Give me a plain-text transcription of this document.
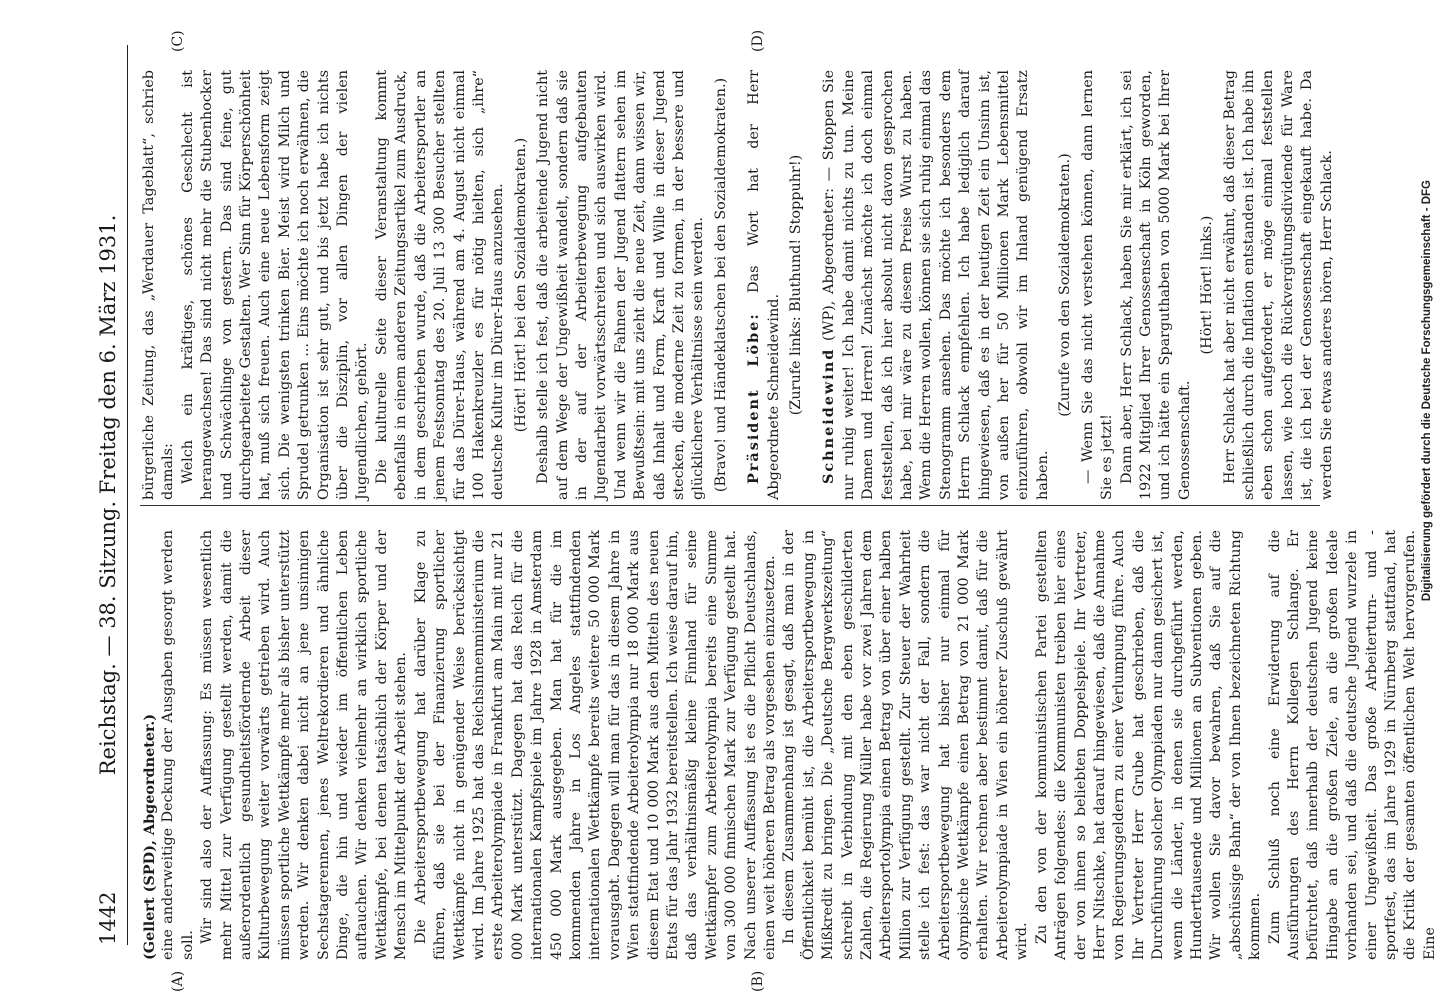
1442
Reichstag. — 38. Sitzung. Freitag den 6. März 1931.
(A)	(B)
(C)	(D)

(Gellert (SPD), Abgeordneter.) eine anderweitige Deckung der Ausgaben gesorgt werden soll.

Wir sind also der Auffassung: Es müssen wesentlich mehr Mittel zur Verfügung gestellt werden, damit die außerordentlich gesundheitsfördernde Arbeit dieser Kulturbewegung weiter vorwärts getrieben wird. Auch müssen sportliche Wettkämpfe mehr als bisher unterstützt werden. Wir denken dabei nicht an jene unsinnigen Sechstagerennen, jenes Weltrekordieren und ähnliche Dinge, die hin und wieder im öffentlichen Leben auftauchen. Wir denken vielmehr an wirklich sportliche Wettkämpfe, bei denen tatsächlich der Körper und der Mensch im Mittelpunkt der Arbeit stehen. Die Arbeitersportbewegung hat darüber Klage zu führen, daß sie bei der Finanzierung sportlicher Wettkämpfe nicht in genügender Weise berücksichtigt wird. Im Jahre 1925 hat das Reichsinnenministerium die erste Arbeiterolympiade in Frankfurt am Main mit nur 21 000 Mark unterstützt. Dagegen hat das Reich für die internationalen Kampfspiele im Jahre 1928 in Amsterdam 450 000 Mark ausgegeben. Man hat für die im kommenden Jahre in Los Angeles stattfindenden internationalen Wettkämpfe bereits weitere 50 000 Mark vorausgabt. Dagegen will man für das in diesem Jahre in Wien stattfindende Arbeiterolympia nur 18 000 Mark aus diesem Etat und 10 000 Mark aus den Mitteln des neuen Etats für das Jahr 1932 bereitstellen. Ich weise darauf hin, daß das verhältnismäßig kleine Finnland für seine Wettkämpfer zum Arbeiterolympia bereits eine Summe von 300 000 finnischen Mark zur Verfügung gestellt hat. Nach unserer Auffassung ist es die Pflicht Deutschlands, einen weit höheren Betrag als vorgesehen einzusetzen. In diesem Zusammenhang ist gesagt, daß man in der Öffentlichkeit bemüht ist, die Arbeitersportbewegung in Mißkredit zu bringen. Die „Deutsche Bergwerkszeitung“ schreibt in Verbindung mit den eben geschilderten Zahlen, die Regierung Müller habe vor zwei Jahren dem Arbeitersportolympia einen Betrag von über einer halben Million zur Verfügung gestellt. Zur Steuer der Wahrheit stelle ich fest: das war nicht der Fall, sondern die Arbeitersportbewegung hat bisher nur einmal für olympische Wettkämpfe einen Betrag von 21 000 Mark erhalten. Wir rechnen aber bestimmt damit, daß für die Arbeiterolympiade in Wien ein höherer Zuschuß gewährt wird. Zu den von der kommunistischen Partei gestellten Anträgen folgendes: die Kommunisten treiben hier eines der von ihnen so beliebten Doppelspiele. Ihr Vertreter, Herr Nitschke, hat darauf hingewiesen, daß die Annahme von Regierungsgeldern zu einer Verlumpung führe. Auch Ihr Vertreter Herr Grube hat geschrieben, daß die Durchführung solcher Olympiaden nur dann gesichert ist, wenn die Länder, in denen sie durchgeführt werden, Hunderttausende und Millionen an Subventionen geben. Wir wollen Sie davor bewahren, daß Sie auf die „abschüssige Bahn“ der von Ihnen bezeichneten Richtung kommen. Zum Schluß noch eine Erwiderung auf die Ausführungen des Herrn Kollegen Schlange. Er befürchtet, daß innerhalb der deutschen Jugend keine Hingabe an die großen Ziele, an die großen Ideale vorhanden sei, und daß die deutsche Jugend wurzele in einer Ungewißheit. Das große Arbeiterturn- und -sportfest, das im Jahre 1929 in Nürnberg stattfand, hat die Kritik der gesamten öffentlichen Welt hervorgerufen. Eine

bürgerliche Zeitung, das „Werdauer Tageblatt“, schrieb damals: Welch ein kräftiges, schönes Geschlecht ist herangewachsen! Das sind nicht mehr die Stubenhocker und Schwächlinge von gestern. Das sind feine, gut durchgearbeitete Gestalten. Wer Sinn für Körperschönheit hat, muß sich freuen. Auch eine neue Lebensform zeigt sich. Die wenigsten trinken Bier. Meist wird Milch und Sprudel getrunken ... Eins möchte ich noch erwähnen, die Organisation ist sehr gut, und bis jetzt habe ich nichts über die Disziplin, vor allen Dingen der vielen Jugendlichen, gehört. Die kulturelle Seite dieser Veranstaltung kommt ebenfalls in einem anderen Zeitungsartikel zum Ausdruck, in dem geschrieben wurde, daß die Arbeitersportler an jenem Festsonntag des 20. Juli 13 300 Besucher stellten für das Dürer-Haus, während am 4. August nicht einmal 100 Hakenkreuzler es für nötig hielten, sich „ihre“ deutsche Kultur im Dürer-Haus anzusehen. (Hört! Hört! bei den Sozialdemokraten.) Deshalb stelle ich fest, daß die arbeitende Jugend nicht auf dem Wege der Ungewißheit wandelt, sondern daß sie in der auf der Arbeiterbewegung aufgebauten Jugendarbeit vorwärtsschreiten und sich auswirken wird. Und wenn wir die Fahnen der Jugend flattern sehen im Bewußtsein: mit uns zieht die neue Zeit, dann wissen wir, daß Inhalt und Form, Kraft und Wille in dieser Jugend stecken, die moderne Zeit zu formen, in der bessere und glücklichere Verhältnisse sein werden. (Bravo! und Händeklatschen bei den Sozialdemokraten.) Präsident Löbe: Das Wort hat der Herr Abgeordnete Schneidewind. (Zurufe links: Bluthund! Stoppuhr!)

Schneidewind (WP), Abgeordneter: — Stoppen Sie nur ruhig weiter! Ich habe damit nichts zu tun. Meine Damen und Herren! Zunächst möchte ich doch einmal feststellen, daß ich hier absolut nicht davon gesprochen habe, bei mir wäre zu diesem Preise Wurst zu haben. Wenn die Herren wollen, können sie sich ruhig einmal das Stenogramm ansehen. Das möchte ich besonders dem Herrn Schlack empfehlen. Ich habe lediglich darauf hingewiesen, daß es in der heutigen Zeit ein Unsinn ist, von außen her für 50 Millionen Mark Lebensmittel einzuführen, obwohl wir im Inland genügend Ersatz haben.

(Zurufe von den Sozialdemokraten.) — Wenn Sie das nicht verstehen können, dann lernen Sie es jetzt! Dann aber, Herr Schlack, haben Sie mir erklärt, ich sei 1922 Mitglied Ihrer Genossenschaft in Köln geworden, und ich hätte ein Sparguthaben von 5000 Mark bei Ihrer Genossenschaft.

(Hört! Hört! links.) Herr Schlack hat aber nicht erwähnt, daß dieser Betrag schließlich durch die Inflation entstanden ist. Ich habe ihn eben schon aufgefordert, er möge einmal feststellen lassen, wie hoch die Rückvergütungsdividende für Ware ist, die ich bei der Genossenschaft eingekauft habe. Da werden Sie etwas anderes hören, Herr Schlack.	Digitalisierung gefördert durch die Deutsche Forschungsgemeinschaft - DFG
